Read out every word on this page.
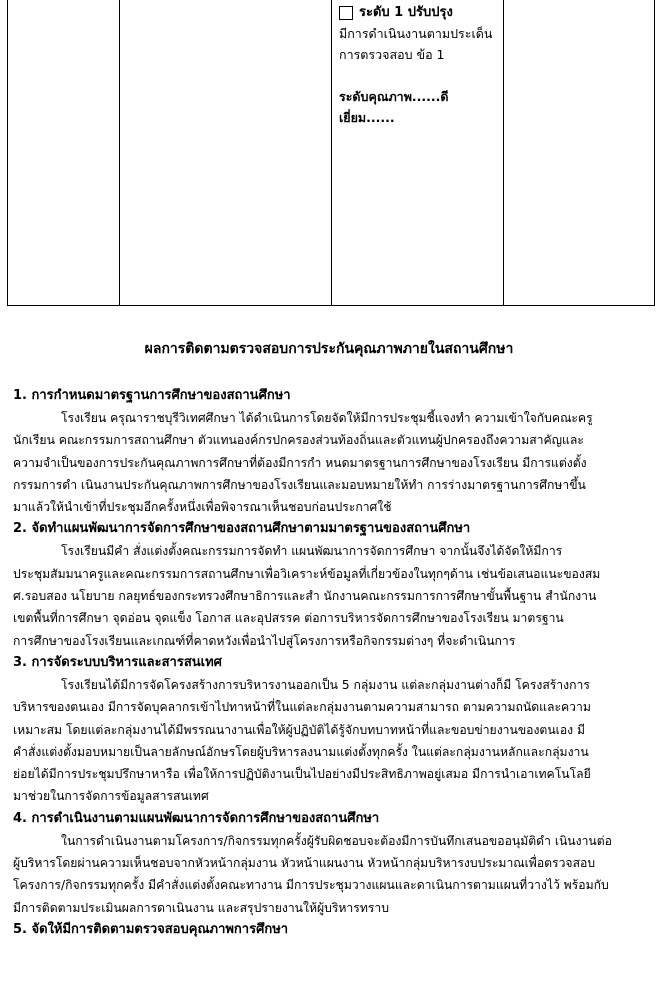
ระดับ 1 ปรับปรุง
มีการดำเนินงานตามประเด็น
การตรวจสอบ ข้อ 1
ระดับคุณภาพ......ดีเยี่ยม......

ผลการติดตามตรวจสอบการประกันคุณภาพภายในสถานศึกษา
1. การกำหนดมาตรฐานการศึกษาของสถานศึกษา
โรงเรียน ครุณาราชบุรีวิเทศศึกษา ได้ดำเนินการโดยจัดให้มีการประชุมชี้แจงทำ ความเข้าใจกับคณะครู
นักเรียน คณะกรรมการสถานศึกษา ตัวแทนองค์กรปกครองส่วนท้องถิ่นและตัวแทนผู้ปกครองถึงความสาคัญและ
ความจำเป็นของการประกันคุณภาพการศึกษาที่ต้องมีการกำ หนดมาตรฐานการศึกษาของโรงเรียน มีการแต่งตั้ง
กรรมการดำ เนินงานประกันคุณภาพการศึกษาของโรงเรียนและมอบหมายให้ทำ การร่างมาตรฐานการศึกษาขึ้น
มาแล้วให้นำเข้าที่ประชุมอีกครั้งหนึ่งเพื่อพิจารณาเห็นชอบก่อนประกาศใช้
2. จัดทำแผนพัฒนาการจัดการศึกษาของสถานศึกษาตามมาตรฐานของสถานศึกษา
โรงเรียนมีคำ สั่งแต่งตั้งคณะกรรมการจัดทำ แผนพัฒนาการจัดการศึกษา จากนั้นจึงได้จัดให้มีการ
ประชุมสัมมนาครูและคณะกรรมการสถานศึกษาเพื่อวิเคราะห์ข้อมูลที่เกี่ยวข้องในทุกๆด้าน เช่นข้อเสนอแนะของสม
ศ.รอบสอง นโยบาย กลยุทธ์ของกระทรวงศึกษาธิการและสำ นักงานคณะกรรมการการศึกษาขั้นพื้นฐาน สำนักงาน
เขตพื้นที่การศึกษา จุดอ่อน จุดแข็ง โอกาส และอุปสรรค ต่อการบริหารจัดการศึกษาของโรงเรียน มาตรฐาน
การศึกษาของโรงเรียนและเกณฑ์ที่คาดหวังเพื่อนำไปสู่โครงการหรือกิจกรรมต่างๆ ที่จะดำเนินการ
3. การจัดระบบบริหารและสารสนเทศ
โรงเรียนได้มีการจัดโครงสร้างการบริหารงานออกเป็น 5 กลุ่มงาน แต่ละกลุ่มงานต่างก็มี โครงสร้างการ
บริหารของตนเอง มีการจัดบุคลากรเข้าไปทาหน้าที่ในแต่ละกลุ่มงานตามความสามารถ ตามความถนัดและความ
เหมาะสม โดยแต่ละกลุ่มงานได้มีพรรณนางานเพื่อให้ผู้ปฏิบัติได้รู้จักบทบาทหน้าที่และขอบข่ายงานของตนเอง มี
คำสั่งแต่งตั้งมอบหมายเป็นลายลักษณ์อักษรโดยผู้บริหารลงนามแต่งตั้งทุกครั้ง ในแต่ละกลุ่มงานหลักและกลุ่มงาน
ย่อยได้มีการประชุมปรึกษาหารือ เพื่อให้การปฏิบัติงานเป็นไปอย่างมีประสิทธิภาพอยู่เสมอ มีการนำเอาเทคโนโลยี
มาช่วยในการจัดการข้อมูลสารสนเทศ
4. การดำเนินงานตามแผนพัฒนาการจัดการศึกษาของสถานศึกษา
ในการดำเนินงานตามโครงการ/กิจกรรมทุกครั้งผู้รับผิดชอบจะต้องมีการบันทึกเสนอขออนุมัติดำ เนินงานต่อ
ผู้บริหารโดยผ่านความเห็นชอบจากหัวหน้ากลุ่มงาน หัวหน้าแผนงาน หัวหน้ากลุ่มบริหารงบประมาณเพื่อตรวจสอบ
โครงการ/กิจกรรมทุกครั้ง มีคำสั่งแต่งตั้งคณะทางาน มีการประชุมวางแผนและดาเนินการตามแผนที่วางไว้ พร้อมกับ
มีการติดตามประเมินผลการดาเนินงาน และสรุปรายงานให้ผู้บริหารทราบ
5. จัดให้มีการติดตามตรวจสอบคุณภาพการศึกษา
